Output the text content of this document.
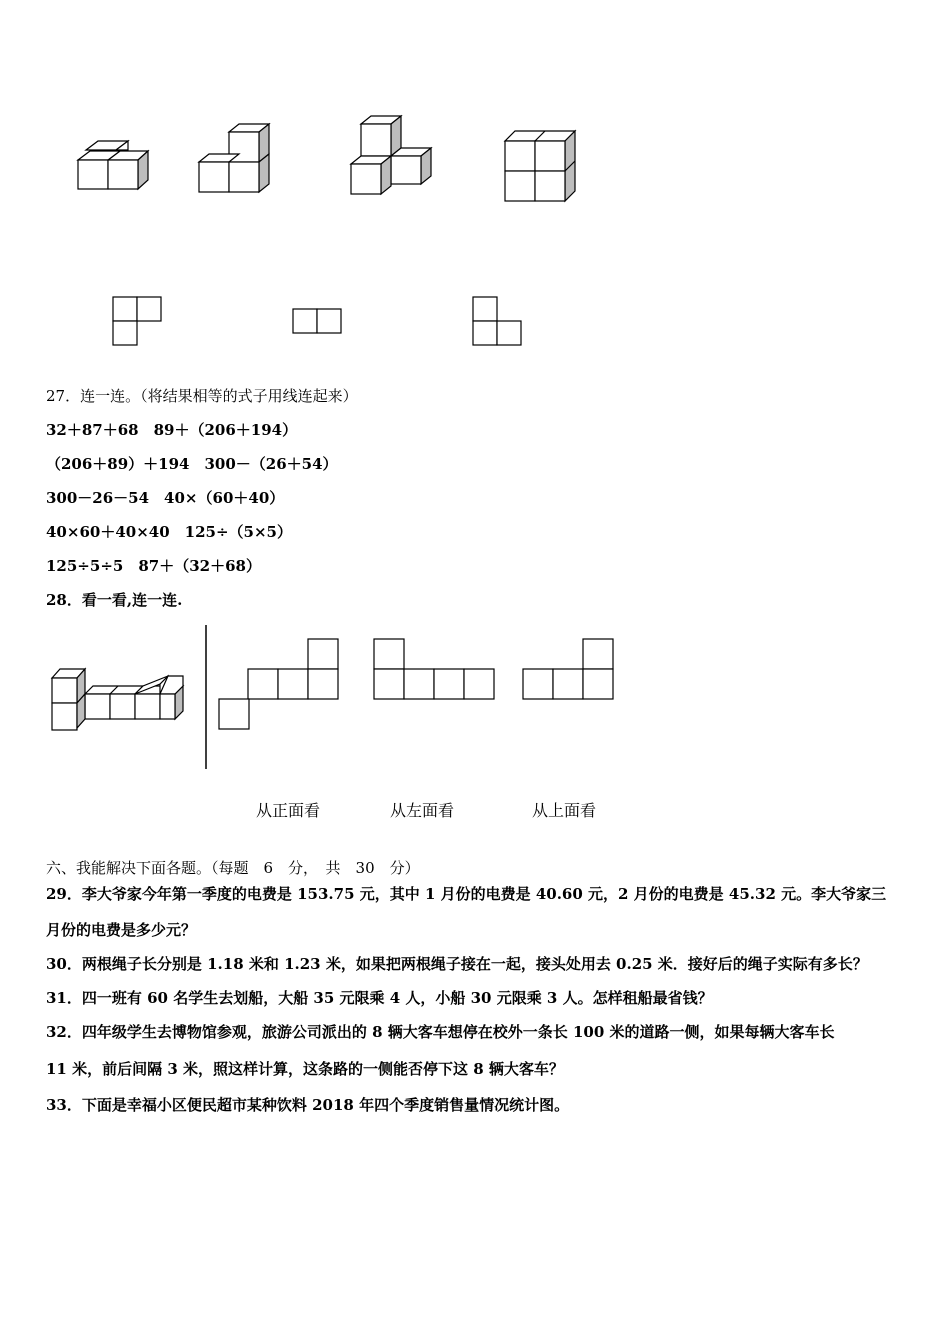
27．连一连。（将结果相等的式子用线连起来）
32＋87＋68　89＋（206＋194）
（206＋89）＋194　300－（26＋54）
300－26－54　40×（60＋40）
40×60＋40×40　125÷（5×5）
125÷5÷5　87＋（32＋68）
28．看一看,连一连.
从正面看	从左面看	从上面看
六、我能解决下面各题。（每题　6　分，　共　30　分）
29．李大爷家今年第一季度的电费是 153.75 元，其中 1 月份的电费是 40.60 元，2 月份的电费是 45.32 元。李大爷家三
月份的电费是多少元？
30．两根绳子长分别是 1.18 米和 1.23 米，如果把两根绳子接在一起，接头处用去 0.25 米．接好后的绳子实际有多长？
31．四一班有 60 名学生去划船，大船 35 元限乘 4 人，小船 30 元限乘 3 人。怎样租船最省钱？
32．四年级学生去博物馆参观，旅游公司派出的 8 辆大客车想停在校外一条长 100 米的道路一侧，如果每辆大客车长
11 米，前后间隔 3 米，照这样计算，这条路的一侧能否停下这 8 辆大客车？
33．下面是幸福小区便民超市某种饮料 2018 年四个季度销售量情况统计图。
